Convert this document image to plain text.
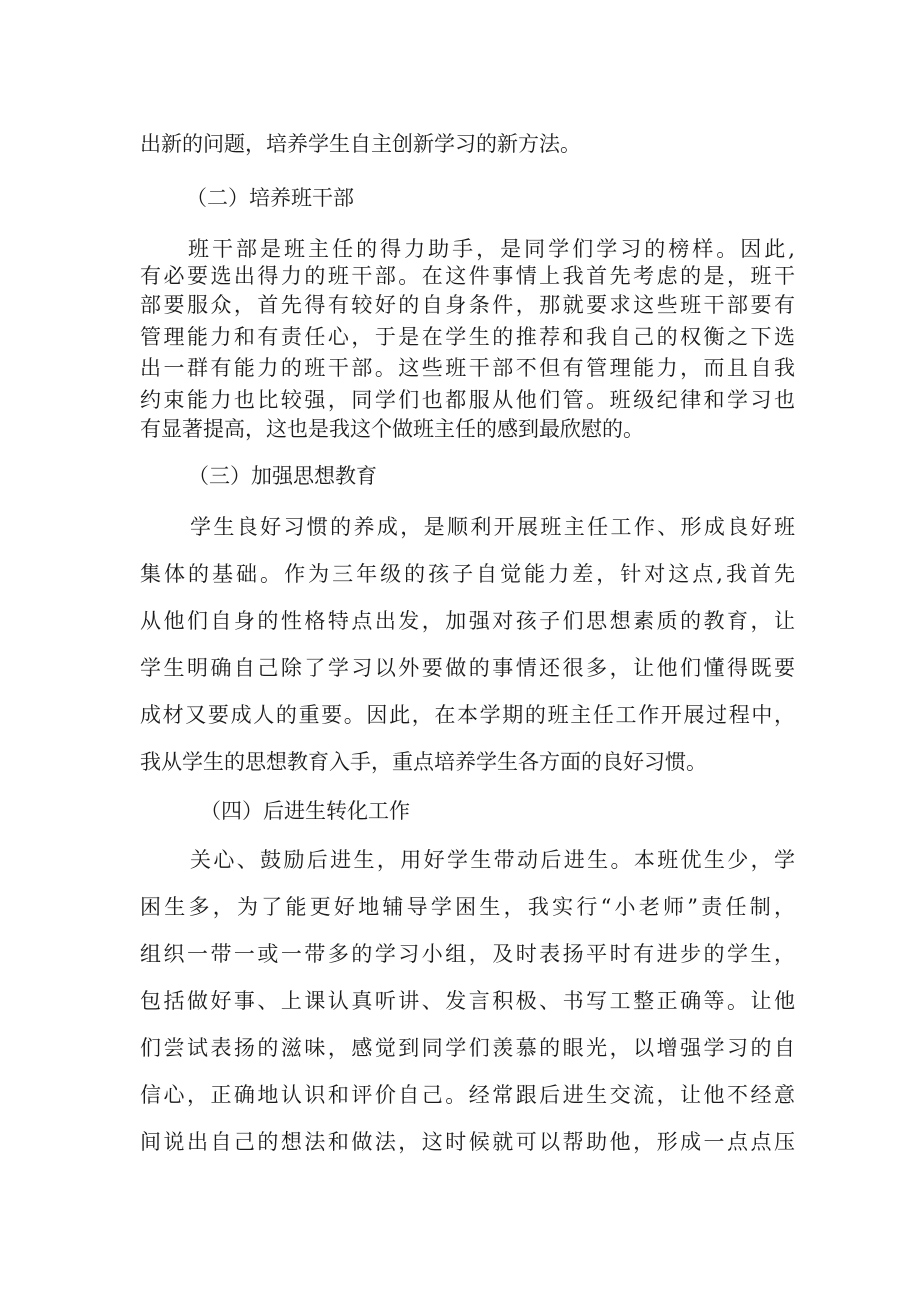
出新的问题，培养学生自主创新学习的新方法。
（二）培养班干部
班干部是班主任的得力助手，是同学们学习的榜样。因此,
有必要选出得力的班干部。在这件事情上我首先考虑的是，班干
部要服众，首先得有较好的自身条件，那就要求这些班干部要有
管理能力和有责任心，于是在学生的推荐和我自己的权衡之下选
出一群有能力的班干部。这些班干部不但有管理能力，而且自我
约束能力也比较强，同学们也都服从他们管。班级纪律和学习也
有显著提高，这也是我这个做班主任的感到最欣慰的。
（三）加强思想教育
学生良好习惯的养成，是顺利开展班主任工作、形成良好班
集体的基础。作为三年级的孩子自觉能力差，针对这点,我首先
从他们自身的性格特点出发，加强对孩子们思想素质的教育，让
学生明确自己除了学习以外要做的事情还很多，让他们懂得既要
成材又要成人的重要。因此，在本学期的班主任工作开展过程中，
我从学生的思想教育入手，重点培养学生各方面的良好习惯。
（四）后进生转化工作
关心、鼓励后进生，用好学生带动后进生。本班优生少，学
困生多，为了能更好地辅导学困生，我实行“小老师”责任制，
组织一带一或一带多的学习小组，及时表扬平时有进步的学生，
包括做好事、上课认真听讲、发言积极、书写工整正确等。让他
们尝试表扬的滋味，感觉到同学们羡慕的眼光，以增强学习的自
信心，正确地认识和评价自己。经常跟后进生交流，让他不经意
间说出自己的想法和做法，这时候就可以帮助他，形成一点点压
